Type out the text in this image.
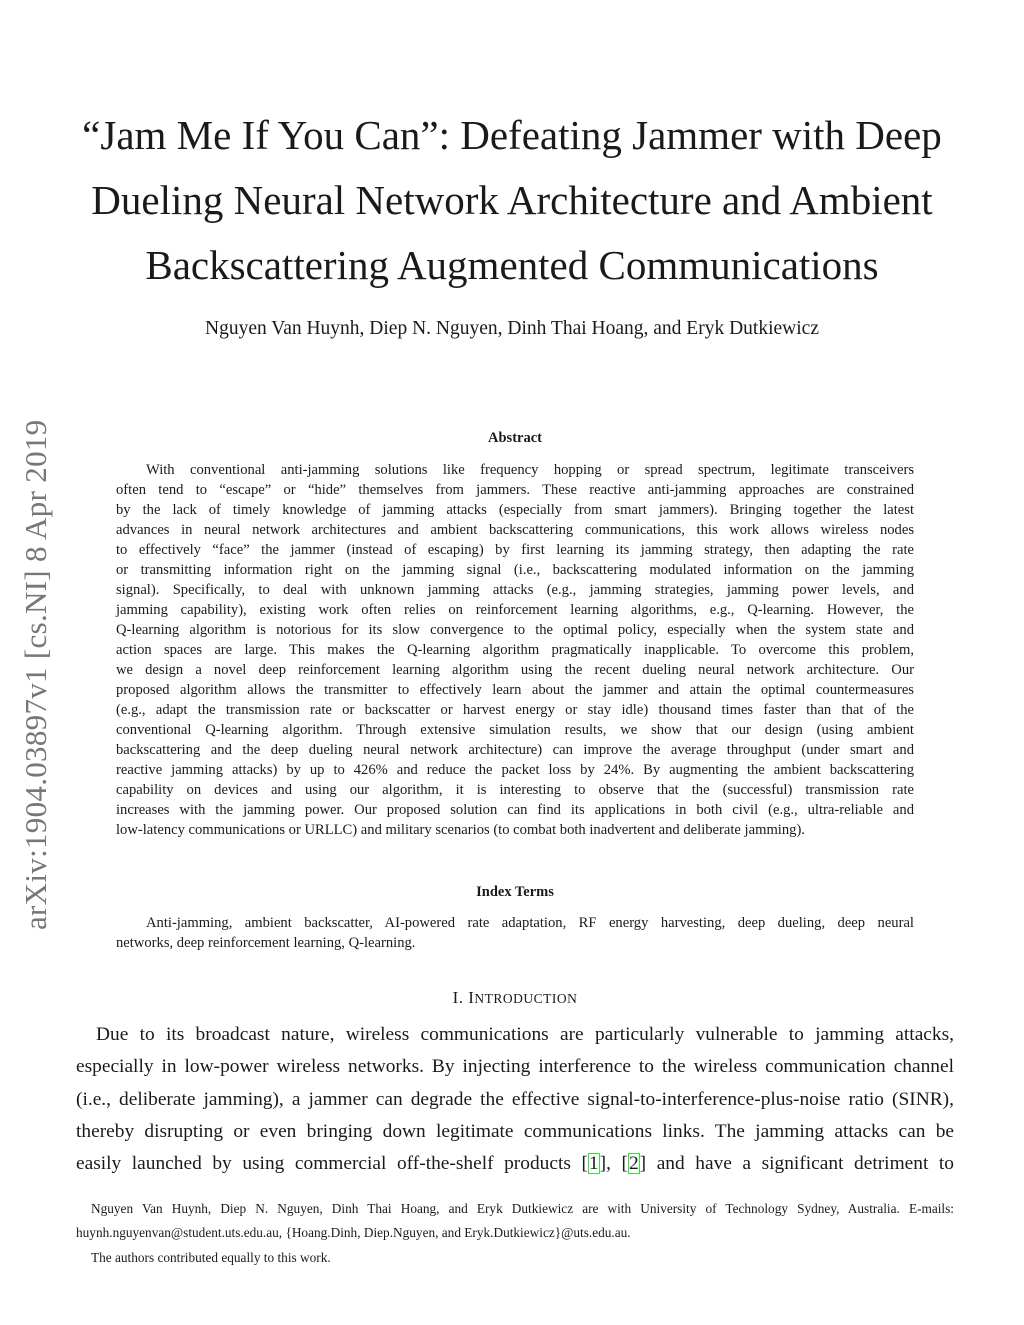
“Jam Me If You Can”: Defeating Jammer with Deep
Dueling Neural Network Architecture and Ambient
Backscattering Augmented Communications
Nguyen Van Huynh, Diep N. Nguyen, Dinh Thai Hoang, and Eryk Dutkiewicz
arXiv:1904.03897v1 [cs.NI] 8 Apr 2019	Abstract
With conventional anti-jamming solutions like frequency hopping or spread spectrum, legitimate transceivers
often tend to “escape” or “hide” themselves from jammers. These reactive anti-jamming approaches are constrained
by the lack of timely knowledge of jamming attacks (especially from smart jammers). Bringing together the latest
advances in neural network architectures and ambient backscattering communications, this work allows wireless nodes
to effectively “face” the jammer (instead of escaping) by first learning its jamming strategy, then adapting the rate
or transmitting information right on the jamming signal (i.e., backscattering modulated information on the jamming
signal). Specifically, to deal with unknown jamming attacks (e.g., jamming strategies, jamming power levels, and
jamming capability), existing work often relies on reinforcement learning algorithms, e.g., Q-learning. However, the
Q-learning algorithm is notorious for its slow convergence to the optimal policy, especially when the system state and
action spaces are large. This makes the Q-learning algorithm pragmatically inapplicable. To overcome this problem,
we design a novel deep reinforcement learning algorithm using the recent dueling neural network architecture. Our
proposed algorithm allows the transmitter to effectively learn about the jammer and attain the optimal countermeasures
(e.g., adapt the transmission rate or backscatter or harvest energy or stay idle) thousand times faster than that of the
conventional Q-learning algorithm. Through extensive simulation results, we show that our design (using ambient
backscattering and the deep dueling neural network architecture) can improve the average throughput (under smart and
reactive jamming attacks) by up to 426% and reduce the packet loss by 24%. By augmenting the ambient backscattering
capability on devices and using our algorithm, it is interesting to observe that the (successful) transmission rate
increases with the jamming power. Our proposed solution can find its applications in both civil (e.g., ultra-reliable and
low-latency communications or URLLC) and military scenarios (to combat both inadvertent and deliberate jamming).
Index Terms
Anti-jamming, ambient backscatter, AI-powered rate adaptation, RF energy harvesting, deep dueling, deep neural
networks, deep reinforcement learning, Q-learning.
I. INTRODUCTION
Due to its broadcast nature, wireless communications are particularly vulnerable to jamming attacks,
especially in low-power wireless networks. By injecting interference to the wireless communication channel
(i.e., deliberate jamming), a jammer can degrade the effective signal-to-interference-plus-noise ratio (SINR),
thereby disrupting or even bringing down legitimate communications links. The jamming attacks can be
easily launched by using commercial off-the-shelf products [1], [2] and have a significant detriment to
Nguyen Van Huynh, Diep N. Nguyen, Dinh Thai Hoang, and Eryk Dutkiewicz are with University of Technology Sydney, Australia. E-mails:
huynh.nguyenvan@student.uts.edu.au, {Hoang.Dinh, Diep.Nguyen, and Eryk.Dutkiewicz}@uts.edu.au.
The authors contributed equally to this work.
